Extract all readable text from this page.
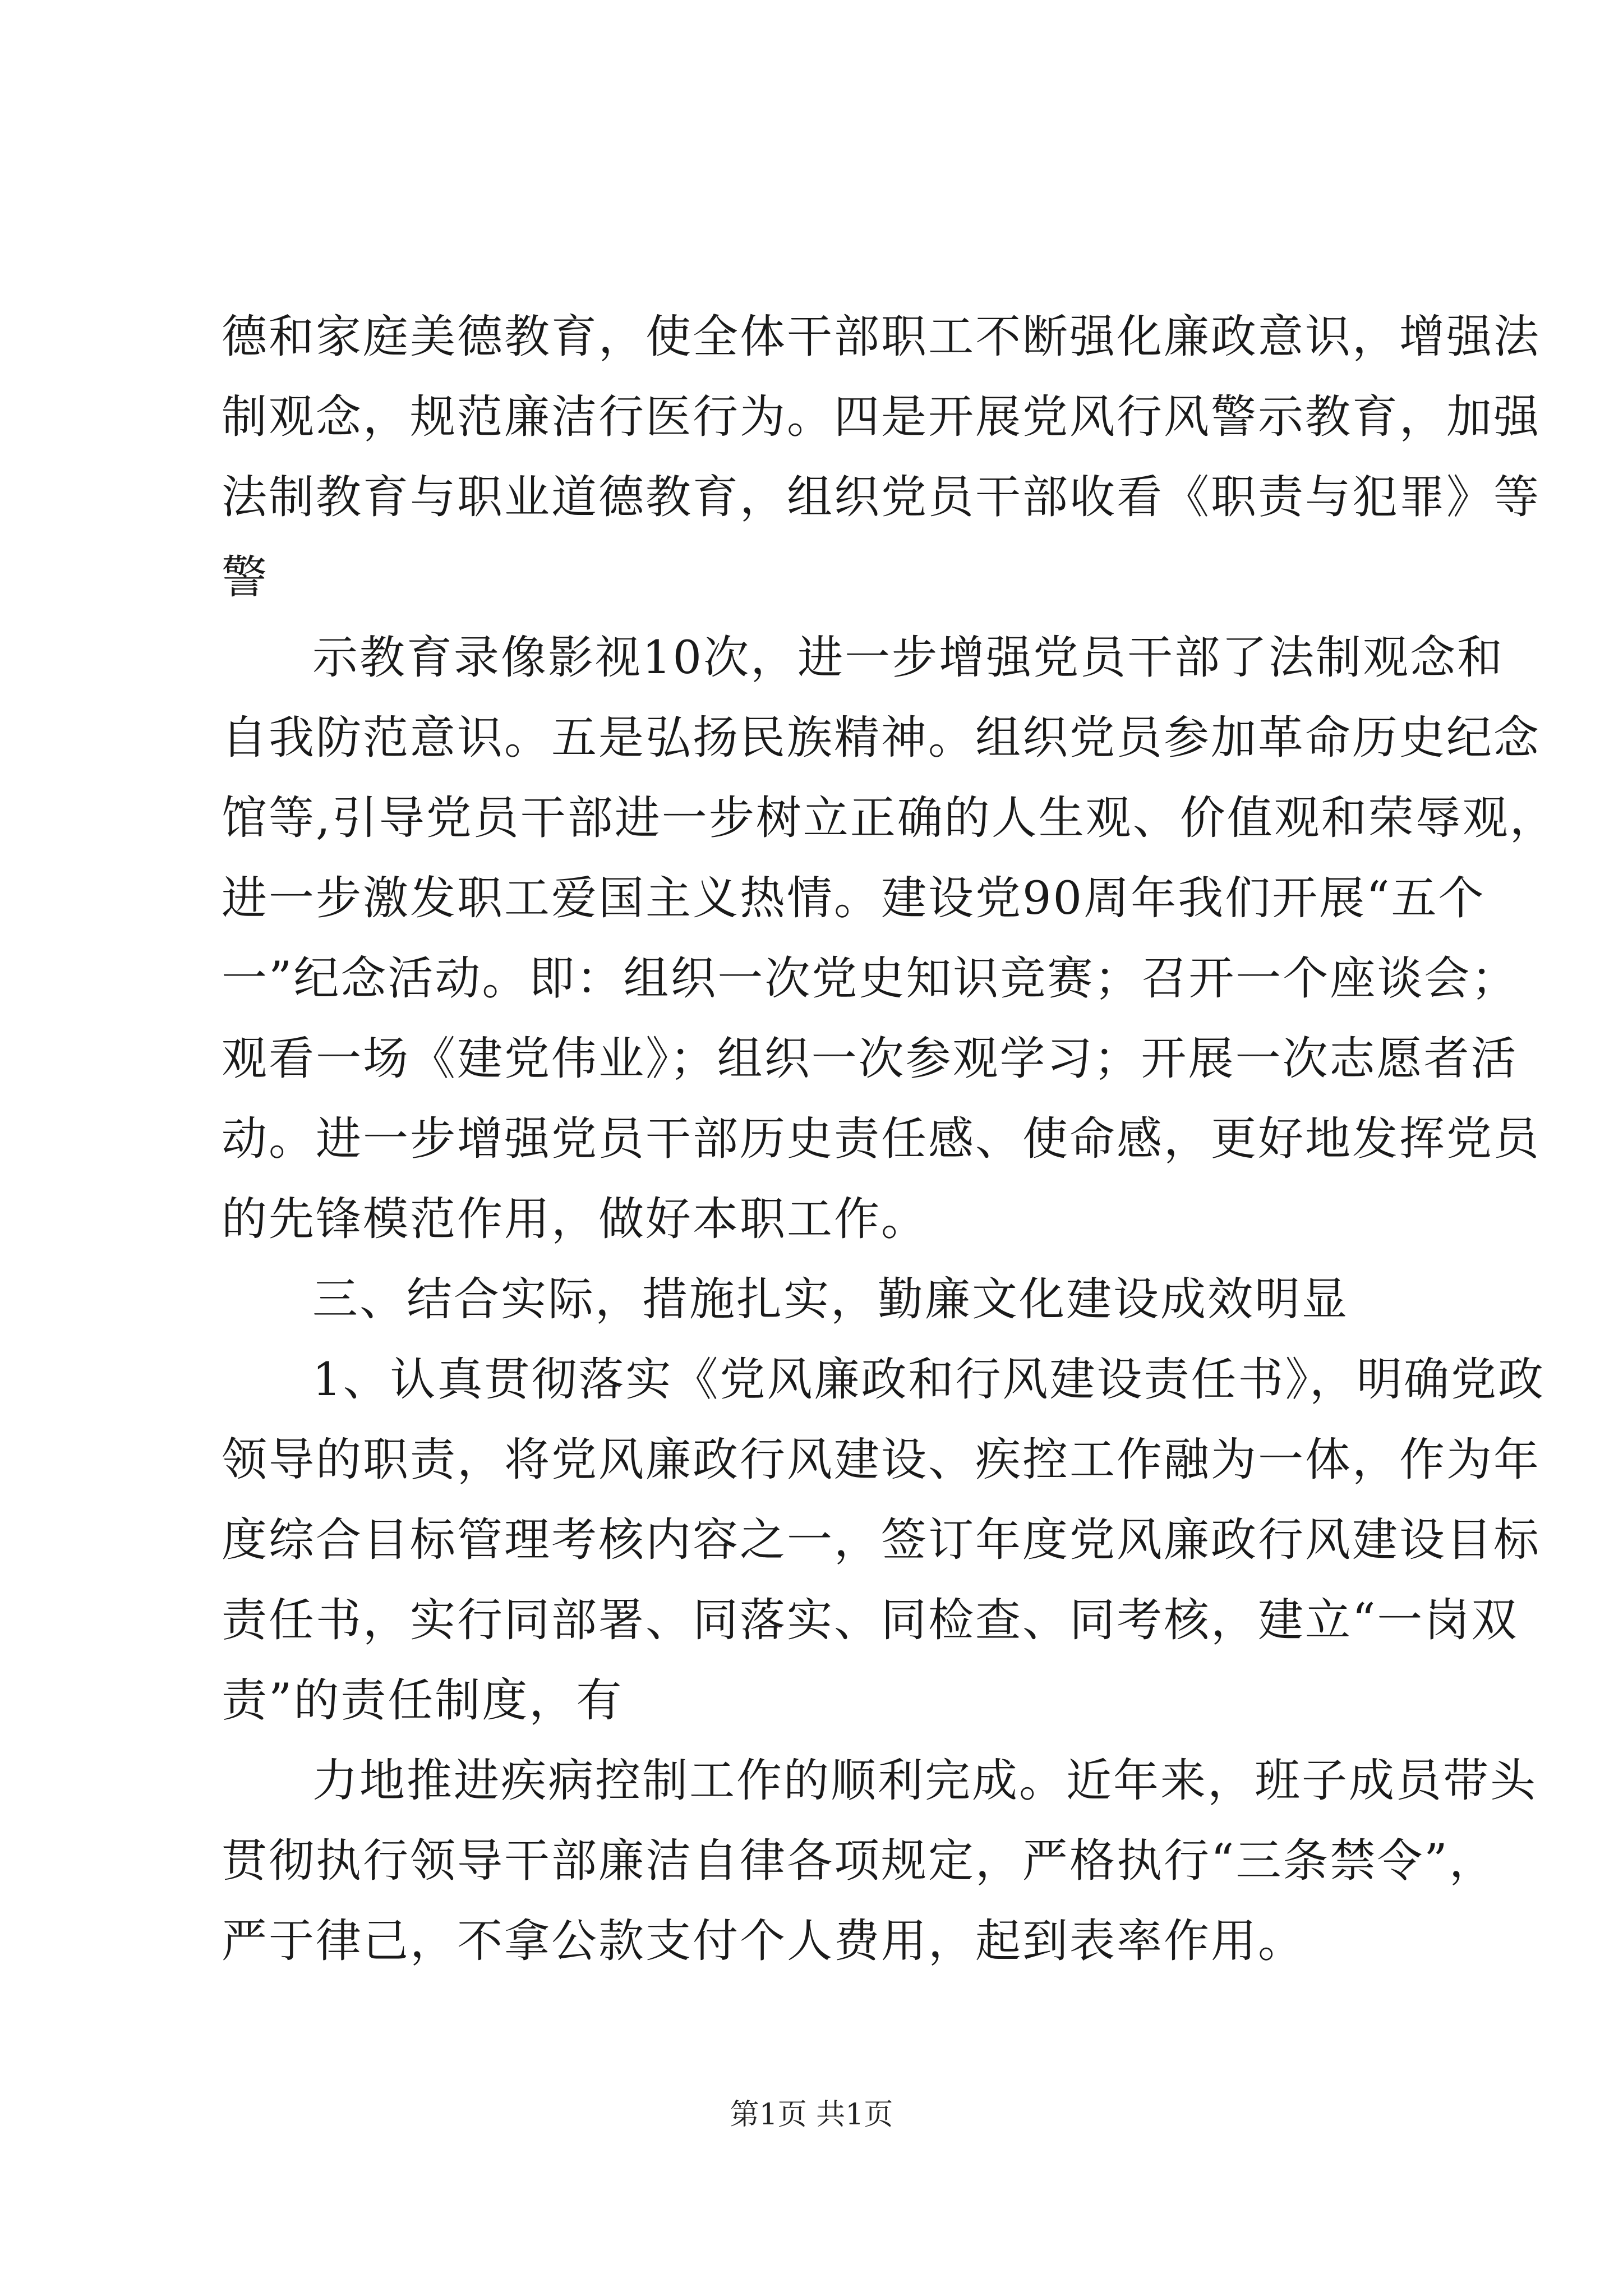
德和家庭美德教育，使全体干部职工不断强化廉政意识，增强法
制观念，规范廉洁行医行为。四是开展党风行风警示教育，加强
法制教育与职业道德教育，组织党员干部收看《职责与犯罪》等
警
示教育录像影视10次，进一步增强党员干部了法制观念和
自我防范意识。五是弘扬民族精神。组织党员参加革命历史纪念
馆等,引导党员干部进一步树立正确的人生观、价值观和荣辱观，
进一步激发职工爱国主义热情。建设党90周年我们开展“五个
一”纪念活动。即：组织一次党史知识竞赛；召开一个座谈会；
观看一场《建党伟业》；组织一次参观学习；开展一次志愿者活
动。进一步增强党员干部历史责任感、使命感，更好地发挥党员
的先锋模范作用，做好本职工作。
三、结合实际，措施扎实，勤廉文化建设成效明显
1、认真贯彻落实《党风廉政和行风建设责任书》，明确党政
领导的职责，将党风廉政行风建设、疾控工作融为一体，作为年
度综合目标管理考核内容之一，签订年度党风廉政行风建设目标
责任书，实行同部署、同落实、同检查、同考核，建立“一岗双
责”的责任制度，有
力地推进疾病控制工作的顺利完成。近年来，班子成员带头
贯彻执行领导干部廉洁自律各项规定，严格执行“三条禁令”，
严于律己，不拿公款支付个人费用，起到表率作用。
第1页 共1页
